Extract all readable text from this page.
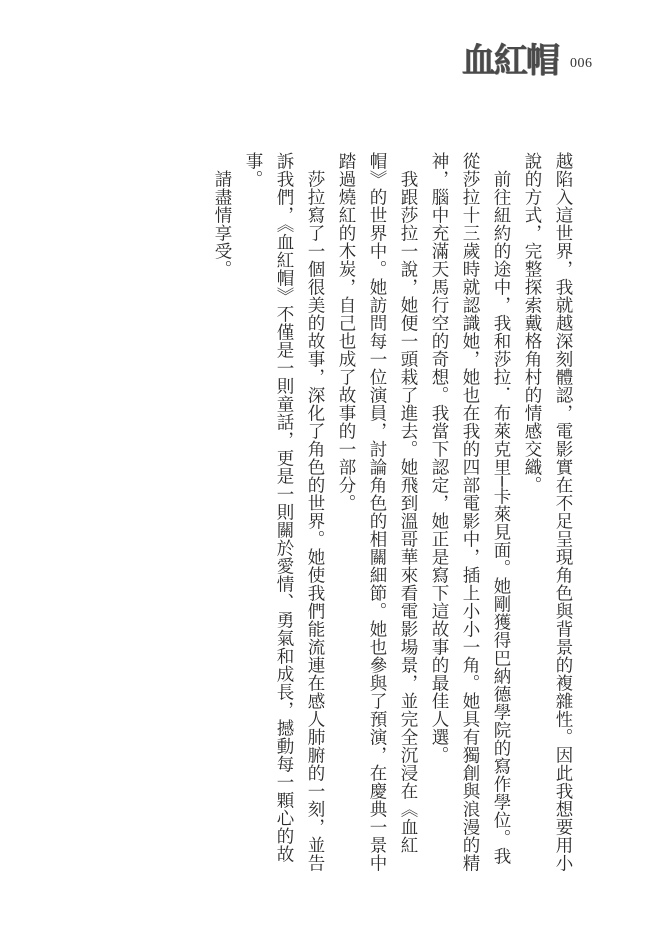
血紅帽 006

越陷入這世界，我就越深刻體認，電影實在不足呈現角色與背景的複雜性。因此我想要用小說的方式，完整探索戴格角村的情感交織。

前往紐約的途中，我和莎拉．布萊克里─卡萊見面。她剛獲得巴納德學院的寫作學位。我從莎拉十三歲時就認識她，她也在我的四部電影中，插上小小一角。她具有獨創與浪漫的精神，腦中充滿天馬行空的奇想。我當下認定，她正是寫下這故事的最佳人選。

我跟莎拉一說，她便一頭栽了進去。她飛到溫哥華來看電影場景，並完全沉浸在《血紅帽》的世界中。她訪問每一位演員，討論角色的相關細節。她也參與了預演，在慶典一景中踏過燒紅的木炭，自己也成了故事的一部分。

莎拉寫了一個很美的故事，深化了角色的世界。她使我們能流連在感人肺腑的一刻，並告訴我們，《血紅帽》不僅是一則童話，更是一則關於愛情、勇氣和成長，撼動每一顆心的故事。

請盡情享受。
